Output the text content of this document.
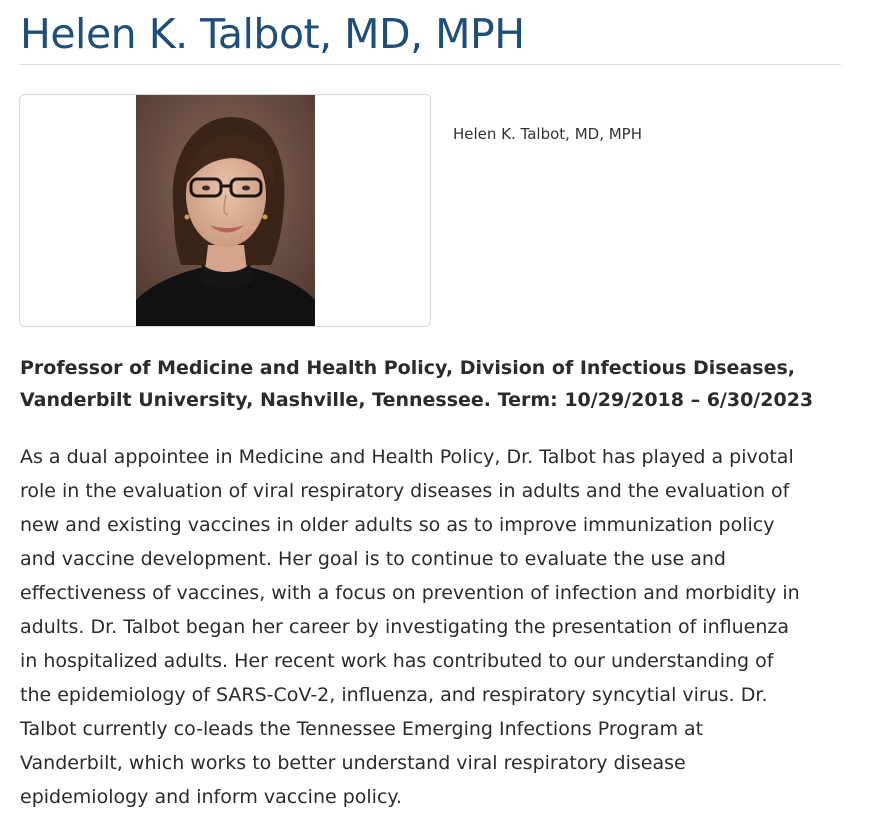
Helen K. Talbot, MD, MPH
Helen K. Talbot, MD, MPH
Professor of Medicine and Health Policy, Division of Infectious Diseases,
Vanderbilt University, Nashville, Tennessee. Term: 10/29/2018 – 6/30/2023
As a dual appointee in Medicine and Health Policy, Dr. Talbot has played a pivotal
role in the evaluation of viral respiratory diseases in adults and the evaluation of
new and existing vaccines in older adults so as to improve immunization policy
and vaccine development. Her goal is to continue to evaluate the use and
effectiveness of vaccines, with a focus on prevention of infection and morbidity in
adults. Dr. Talbot began her career by investigating the presentation of influenza
in hospitalized adults. Her recent work has contributed to our understanding of
the epidemiology of SARS-CoV-2, influenza, and respiratory syncytial virus. Dr.
Talbot currently co-leads the Tennessee Emerging Infections Program at
Vanderbilt, which works to better understand viral respiratory disease
epidemiology and inform vaccine policy.
